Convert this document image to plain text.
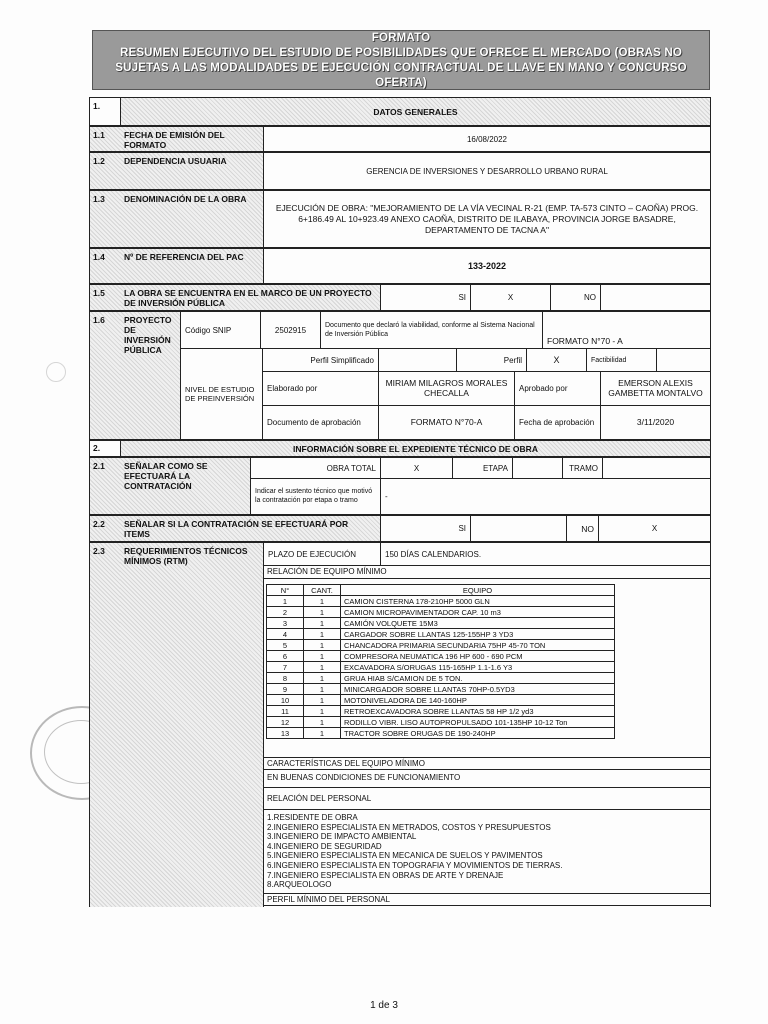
FORMATO
RESUMEN EJECUTIVO DEL ESTUDIO DE POSIBILIDADES QUE OFRECE EL MERCADO (OBRAS NO
SUJETAS A LAS MODALIDADES DE EJECUCIÓN CONTRACTUAL DE LLAVE EN MANO Y CONCURSO
OFERTA)
1.
DATOS GENERALES
1.1	FECHA DE EMISIÓN DEL FORMATO
16/08/2022
1.2	DEPENDENCIA USUARIA
GERENCIA DE INVERSIONES Y DESARROLLO URBANO RURAL
1.3	DENOMINACIÓN DE LA OBRA
EJECUCIÓN DE OBRA: "MEJORAMIENTO DE LA VÍA VECINAL R-21 (EMP. TA-573 CINTO – CAOÑA) PROG. 6+186.49 AL 10+923.49 ANEXO CAOÑA, DISTRITO DE ILABAYA, PROVINCIA JORGE BASADRE, DEPARTAMENTO DE TACNA A"
1.4	Nº DE REFERENCIA DEL PAC
133-2022
1.5	LA OBRA SE ENCUENTRA EN EL MARCO DE UN PROYECTO DE INVERSIÓN PÚBLICA
SI	X	NO
1.6	PROYECTO DE INVERSIÓN PÚBLICA
Código SNIP	2502915	Documento que declaró la viabilidad, conforme al Sistema Nacional de Inversión Pública
FORMATO N°70 - A
NIVEL DE ESTUDIO DE PREINVERSIÓN
Perfil Simplificado	Perfil	X	Factibilidad
Elaborado por	MIRIAM MILAGROS MORALES CHECALLA	Aprobado por	EMERSON ALEXIS GAMBETTA MONTALVO
Documento de aprobación	FORMATO N°70-A	Fecha de aprobación	3/11/2020
2.	INFORMACIÓN SOBRE EL EXPEDIENTE TÉCNICO DE OBRA
2.1	SEÑALAR COMO SE EFECTUARÁ LA CONTRATACIÓN
OBRA TOTAL	X	ETAPA	TRAMO
Indicar el sustento técnico que motivó la contratación por etapa o tramo	-
2.2	SEÑALAR SI LA CONTRATACIÓN SE EFECTUARÁ POR ITEMS
SI	NO	X
2.3	REQUERIMIENTOS TÉCNICOS MÍNIMOS (RTM)
PLAZO DE EJECUCIÓN	150 DÍAS CALENDARIOS.
RELACIÓN DE EQUIPO MÍNIMO
CARACTERÍSTICAS DEL EQUIPO MÍNIMO
EN BUENAS CONDICIONES DE FUNCIONAMIENTO
RELACIÓN DEL PERSONAL
1.RESIDENTE DE OBRA
2.INGENIERO ESPECIALISTA EN METRADOS, COSTOS Y PRESUPUESTOS
3.INGENIERO DE IMPACTO AMBIENTAL
4.INGENIERO DE SEGURIDAD
5.INGENIERO ESPECIALISTA EN MECANICA DE SUELOS Y PAVIMENTOS
6.INGENIERO ESPECIALISTA EN TOPOGRAFIA Y MOVIMIENTOS DE TIERRAS.
7.INGENIERO ESPECIALISTA EN OBRAS DE ARTE Y DRENAJE
8.ARQUEOLOGO
PERFIL MÍNIMO DEL PERSONAL
N°	CANT.	EQUIPO
1	1	CAMION CISTERNA 178-210HP 5000 GLN
2	1	CAMION MICROPAVIMENTADOR CAP. 10 m3
3	1	CAMIÓN VOLQUETE 15M3
4	1	CARGADOR SOBRE LLANTAS 125-155HP 3 YD3
5	1	CHANCADORA PRIMARIA SECUNDARIA 75HP 45-70 TON
6	1	COMPRESORA NEUMATICA 196 HP 600 - 690 PCM
7	1	EXCAVADORA S/ORUGAS 115-165HP 1.1-1.6 Y3
8	1	GRUA HIAB S/CAMION DE 5 TON.
9	1	MINICARGADOR SOBRE LLANTAS 70HP-0.5YD3
10	1	MOTONIVELADORA DE 140-160HP
11	1	RETROEXCAVADORA SOBRE LLANTAS 58 HP 1/2 yd3
12	1	RODILLO VIBR. LISO AUTOPROPULSADO 101-135HP 10-12 Ton
13	1	TRACTOR SOBRE ORUGAS DE 190-240HP
1 de 3
